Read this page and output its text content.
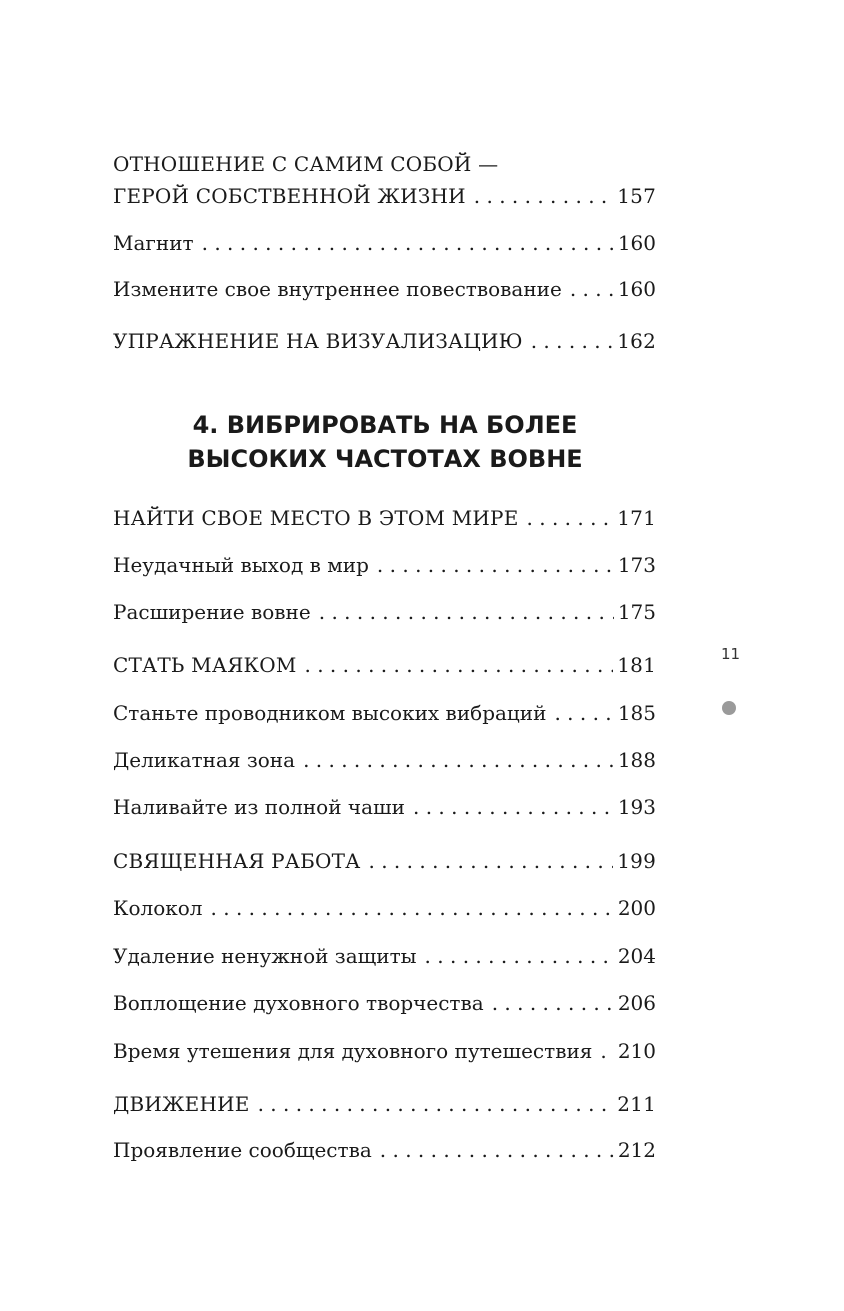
ОТНОШЕНИЕ С САМИМ СОБОЙ —
ГЕРОЙ СОБСТВЕННОЙ ЖИЗНИ . . .	157
Магнит . . .	160
Измените свое внутреннее повествование . . .	160
УПРАЖНЕНИЕ НА ВИЗУАЛИЗАЦИЮ . . .	162
4. ВИБРИРОВАТЬ НА БОЛЕЕ
ВЫСОКИХ ЧАСТОТАХ ВОВНЕ
НАЙТИ СВОЕ МЕСТО В ЭТОМ МИРЕ . . .	171
Неудачный выход в мир . . .	173
Расширение вовне . . .	175
СТАТЬ МАЯКОМ . . .	181
Станьте проводником высоких вибраций . . .	185
Деликатная зона . . .	188
Наливайте из полной чаши . . .	193
СВЯЩЕННАЯ РАБОТА . . .	199
Колокол . . .	200
Удаление ненужной защиты . . .	204
Воплощение духовного творчества . . .	206
Время утешения для духовного путешествия . . . 210
ДВИЖЕНИЕ . . .	211
Проявление сообщества . . .	212
11
